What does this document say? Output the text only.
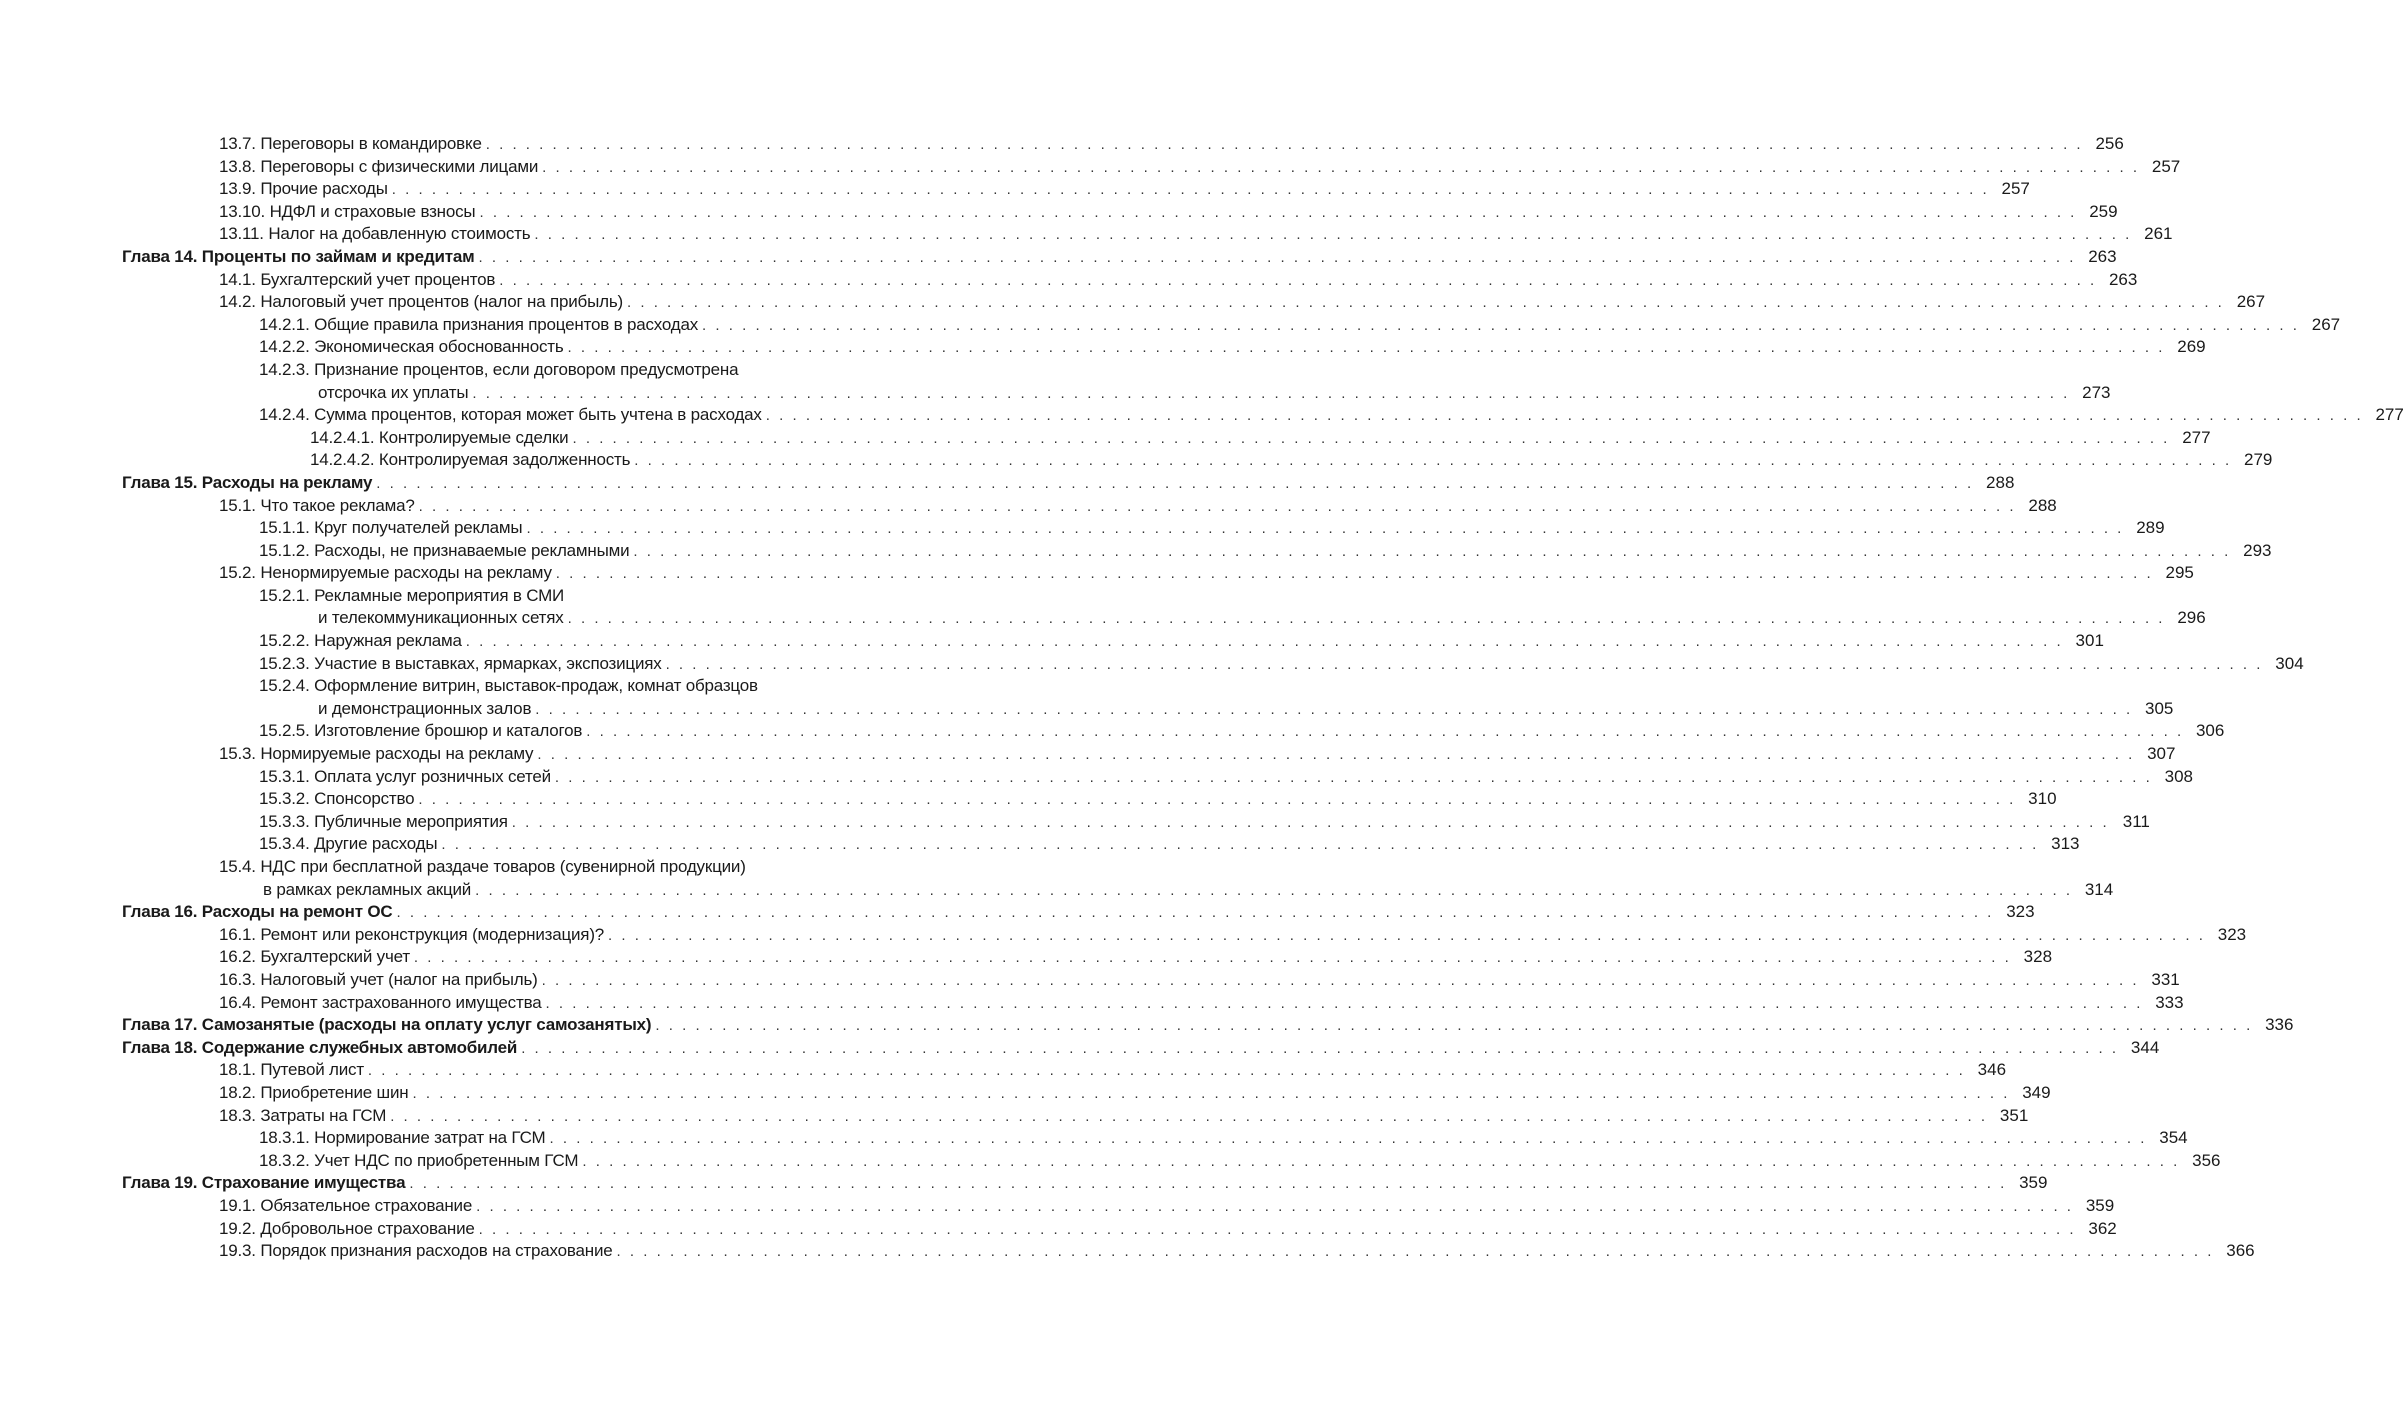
13.7. Переговоры в командировке ........................................................................................................................ 256
13.8. Переговоры с физическими лицами ........................................................................................................................ 257
13.9. Прочие расходы ........................................................................................................................ 257
13.10. НДФЛ и страховые взносы ........................................................................................................................ 259
13.11. Налог на добавленную стоимость ........................................................................................................................ 261
Глава 14. Проценты по займам и кредитам ........................................................................................................................ 263
14.1. Бухгалтерский учет процентов ........................................................................................................................ 263
14.2. Налоговый учет процентов (налог на прибыль) ........................................................................................................................ 267
14.2.1. Общие правила признания процентов в расходах ........................................................................................................................ 267
14.2.2. Экономическая обоснованность ........................................................................................................................ 269
14.2.3. Признание процентов, если договором предусмотрена
отсрочка их уплаты ........................................................................................................................ 273
14.2.4. Сумма процентов, которая может быть учтена в расходах ........................................................................................................................ 277
14.2.4.1. Контролируемые сделки ........................................................................................................................ 277
14.2.4.2. Контролируемая задолженность ........................................................................................................................ 279
Глава 15. Расходы на рекламу ........................................................................................................................ 288
15.1. Что такое реклама? ........................................................................................................................ 288
15.1.1. Круг получателей рекламы ........................................................................................................................ 289
15.1.2. Расходы, не признаваемые рекламными ........................................................................................................................ 293
15.2. Ненормируемые расходы на рекламу ........................................................................................................................ 295
15.2.1. Рекламные мероприятия в СМИ
и телекоммуникационных сетях ........................................................................................................................ 296
15.2.2. Наружная реклама ........................................................................................................................ 301
15.2.3. Участие в выставках, ярмарках, экспозициях ........................................................................................................................ 304
15.2.4. Оформление витрин, выставок-продаж, комнат образцов
и демонстрационных залов ........................................................................................................................ 305
15.2.5. Изготовление брошюр и каталогов ........................................................................................................................ 306
15.3. Нормируемые расходы на рекламу ........................................................................................................................ 307
15.3.1. Оплата услуг розничных сетей ........................................................................................................................ 308
15.3.2. Спонсорство ........................................................................................................................ 310
15.3.3. Публичные мероприятия ........................................................................................................................ 311
15.3.4. Другие расходы ........................................................................................................................ 313
15.4. НДС при бесплатной раздаче товаров (сувенирной продукции)
в рамках рекламных акций ........................................................................................................................ 314
Глава 16. Расходы на ремонт ОС ........................................................................................................................ 323
16.1. Ремонт или реконструкция (модернизация)? ........................................................................................................................ 323
16.2. Бухгалтерский учет ........................................................................................................................ 328
16.3. Налоговый учет (налог на прибыль) ........................................................................................................................ 331
16.4. Ремонт застрахованного имущества ........................................................................................................................ 333
Глава 17. Самозанятые (расходы на оплату услуг самозанятых) ........................................................................................................................ 336
Глава 18. Содержание служебных автомобилей ........................................................................................................................ 344
18.1. Путевой лист ........................................................................................................................ 346
18.2. Приобретение шин ........................................................................................................................ 349
18.3. Затраты на ГСМ ........................................................................................................................ 351
18.3.1. Нормирование затрат на ГСМ ........................................................................................................................ 354
18.3.2. Учет НДС по приобретенным ГСМ ........................................................................................................................ 356
Глава 19. Страхование имущества ........................................................................................................................ 359
19.1. Обязательное страхование ........................................................................................................................ 359
19.2. Добровольное страхование ........................................................................................................................ 362
19.3. Порядок признания расходов на страхование ........................................................................................................................ 366
